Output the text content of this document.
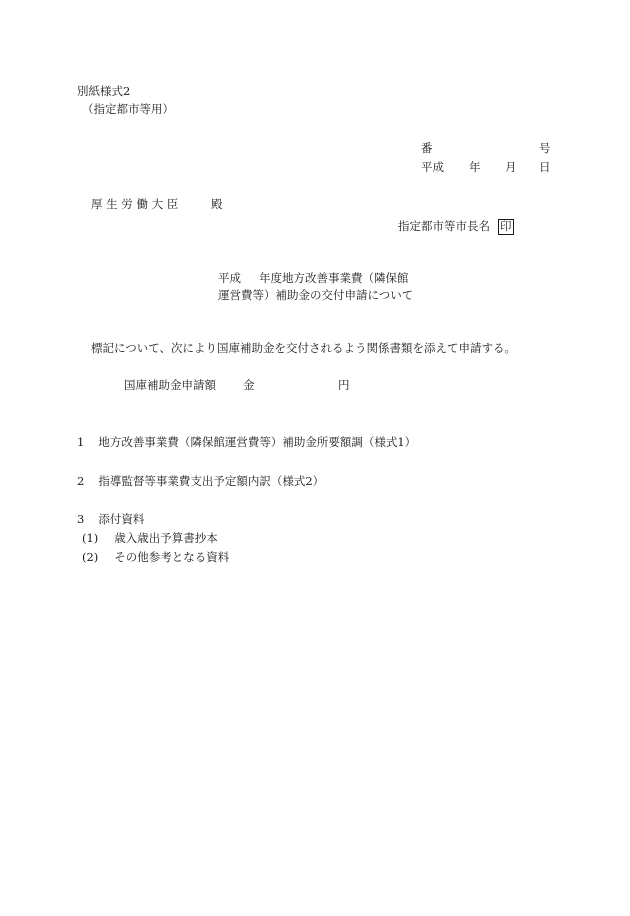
別紙様式2
（指定都市等用）
番	号
平成 年 月 日
厚 生 労 働 大 臣	殿
指定都市等市長名 印
平成 年度地方改善事業費（隣保館
運営費等）補助金の交付申請について
標記について、次により国庫補助金を交付されるよう関係書類を添えて申請する。
国庫補助金申請額 金	円
1 地方改善事業費（隣保館運営費等）補助金所要額調（様式1）
2 指導監督等事業費支出予定額内訳（様式2）
3 添付資料
(1) 歳入歳出予算書抄本
(2) その他参考となる資料
